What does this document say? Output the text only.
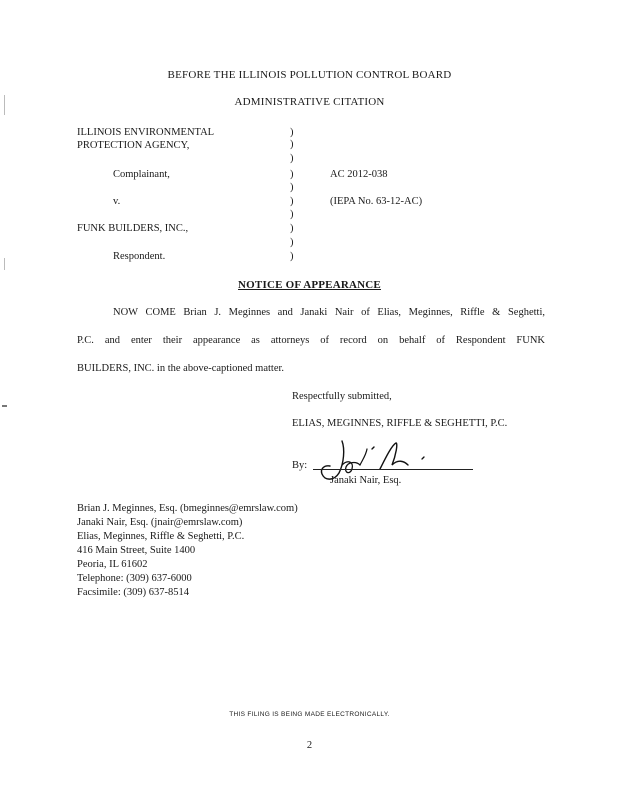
BEFORE THE ILLINOIS POLLUTION CONTROL BOARD
ADMINISTRATIVE CITATION
ILLINOIS ENVIRONMENTAL
PROTECTION AGENCY,
Complainant,
v.
FUNK BUILDERS, INC.,
Respondent.
)
)
)
)
)
)
)
)
)
)
AC 2012-038
(IEPA No. 63-12-AC)
NOTICE OF APPEARANCE
NOW COME Brian J. Meginnes and Janaki Nair of Elias, Meginnes, Riffle & Seghetti,
P.C. and enter their appearance as attorneys of record on behalf of Respondent FUNK
BUILDERS, INC. in the above-captioned matter.
Respectfully submitted,
ELIAS, MEGINNES, RIFFLE & SEGHETTI, P.C.
By:
Janaki Nair, Esq.
Brian J. Meginnes, Esq. (bmeginnes@emrslaw.com)
Janaki Nair, Esq. (jnair@emrslaw.com)
Elias, Meginnes, Riffle & Seghetti, P.C.
416 Main Street, Suite 1400
Peoria, IL 61602
Telephone: (309) 637-6000
Facsimile: (309) 637-8514
THIS FILING IS BEING MADE ELECTRONICALLY.
2
